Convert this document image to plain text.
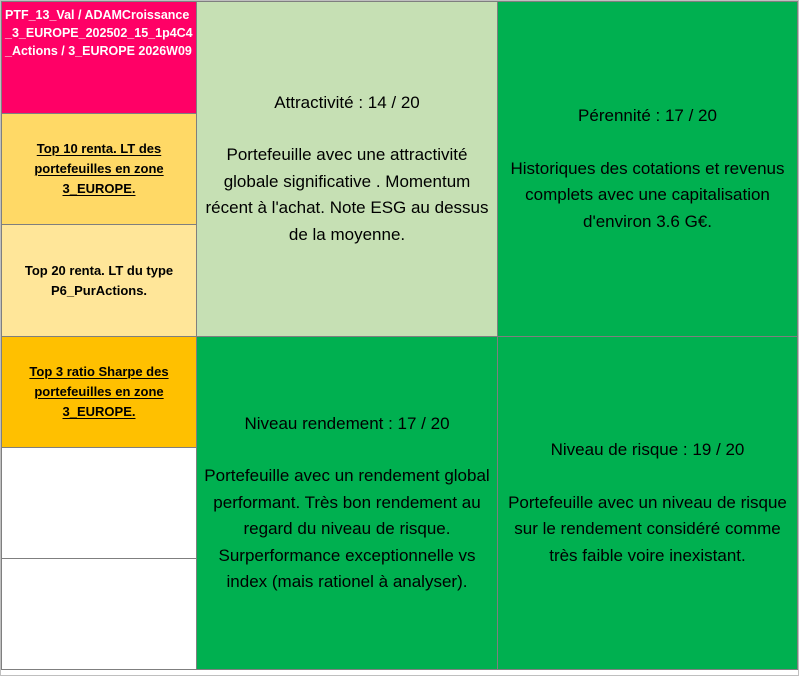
PTF_13_Val / ADAMCroissance_3_EUROPE_202502_15_1p4C4_Actions / 3_EUROPE 2026W09
Top 10 renta. LT des portefeuilles en zone 3_EUROPE.
Top 20 renta. LT du type P6_PurActions.
Top 3 ratio Sharpe des portefeuilles en zone 3_EUROPE.
Attractivité : 14 / 20
Portefeuille avec une attractivité globale significative . Momentum récent à l'achat. Note ESG au dessus de la moyenne.
Pérennité : 17 / 20
Historiques des cotations et revenus complets avec une capitalisation d'environ 3.6 G€.
Niveau rendement : 17 / 20
Portefeuille avec un rendement global performant. Très bon rendement au regard du niveau de risque. Surperformance exceptionnelle vs index (mais rationel à analyser).
Niveau de risque : 19 / 20
Portefeuille avec un niveau de risque sur le rendement considéré comme très faible voire inexistant.
